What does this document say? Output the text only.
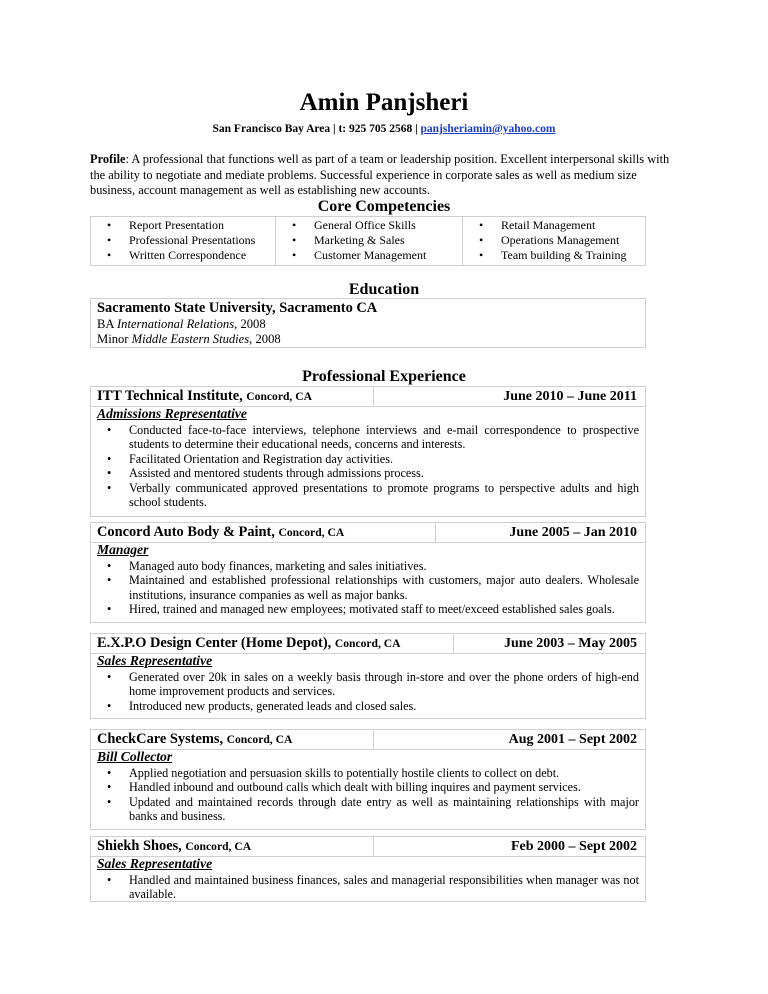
Amin Panjsheri
San Francisco Bay Area | t: 925 705 2568 | panjsheriamin@yahoo.com
Profile: A professional that functions well as part of a team or leadership position. Excellent interpersonal skills with the ability to negotiate and mediate problems. Successful experience in corporate sales as well as medium size business, account management as well as establishing new accounts.
Core Competencies
• Report Presentation
• Professional Presentations
• Written Correspondence

• General Office Skills
• Marketing & Sales
• Customer Management

• Retail Management
• Operations Management
• Team building & Training
Education
Sacramento State University, Sacramento CA
BA International Relations, 2008
Minor Middle Eastern Studies, 2008
Professional Experience
ITT Technical Institute, Concord, CA	June 2010 – June 2011
Admissions Representative
• Conducted face-to-face interviews, telephone interviews and e-mail correspondence to prospective students to determine their educational needs, concerns and interests.
• Facilitated Orientation and Registration day activities.
• Assisted and mentored students through admissions process.
• Verbally communicated approved presentations to promote programs to perspective adults and high school students.
Concord Auto Body & Paint, Concord, CA	June 2005 – Jan 2010
Manager
• Managed auto body finances, marketing and sales initiatives.
• Maintained and established professional relationships with customers, major auto dealers. Wholesale institutions, insurance companies as well as major banks.
• Hired, trained and managed new employees; motivated staff to meet/exceed established sales goals.
E.X.P.O Design Center (Home Depot), Concord, CA	June 2003 – May 2005
Sales Representative
• Generated over 20k in sales on a weekly basis through in-store and over the phone orders of high-end home improvement products and services.
• Introduced new products, generated leads and closed sales.
CheckCare Systems, Concord, CA	Aug 2001 – Sept 2002
Bill Collector
• Applied negotiation and persuasion skills to potentially hostile clients to collect on debt.
• Handled inbound and outbound calls which dealt with billing inquires and payment services.
• Updated and maintained records through date entry as well as maintaining relationships with major banks and business.
Shiekh Shoes, Concord, CA	Feb 2000 – Sept 2002
Sales Representative
• Handled and maintained business finances, sales and managerial responsibilities when manager was not available.
